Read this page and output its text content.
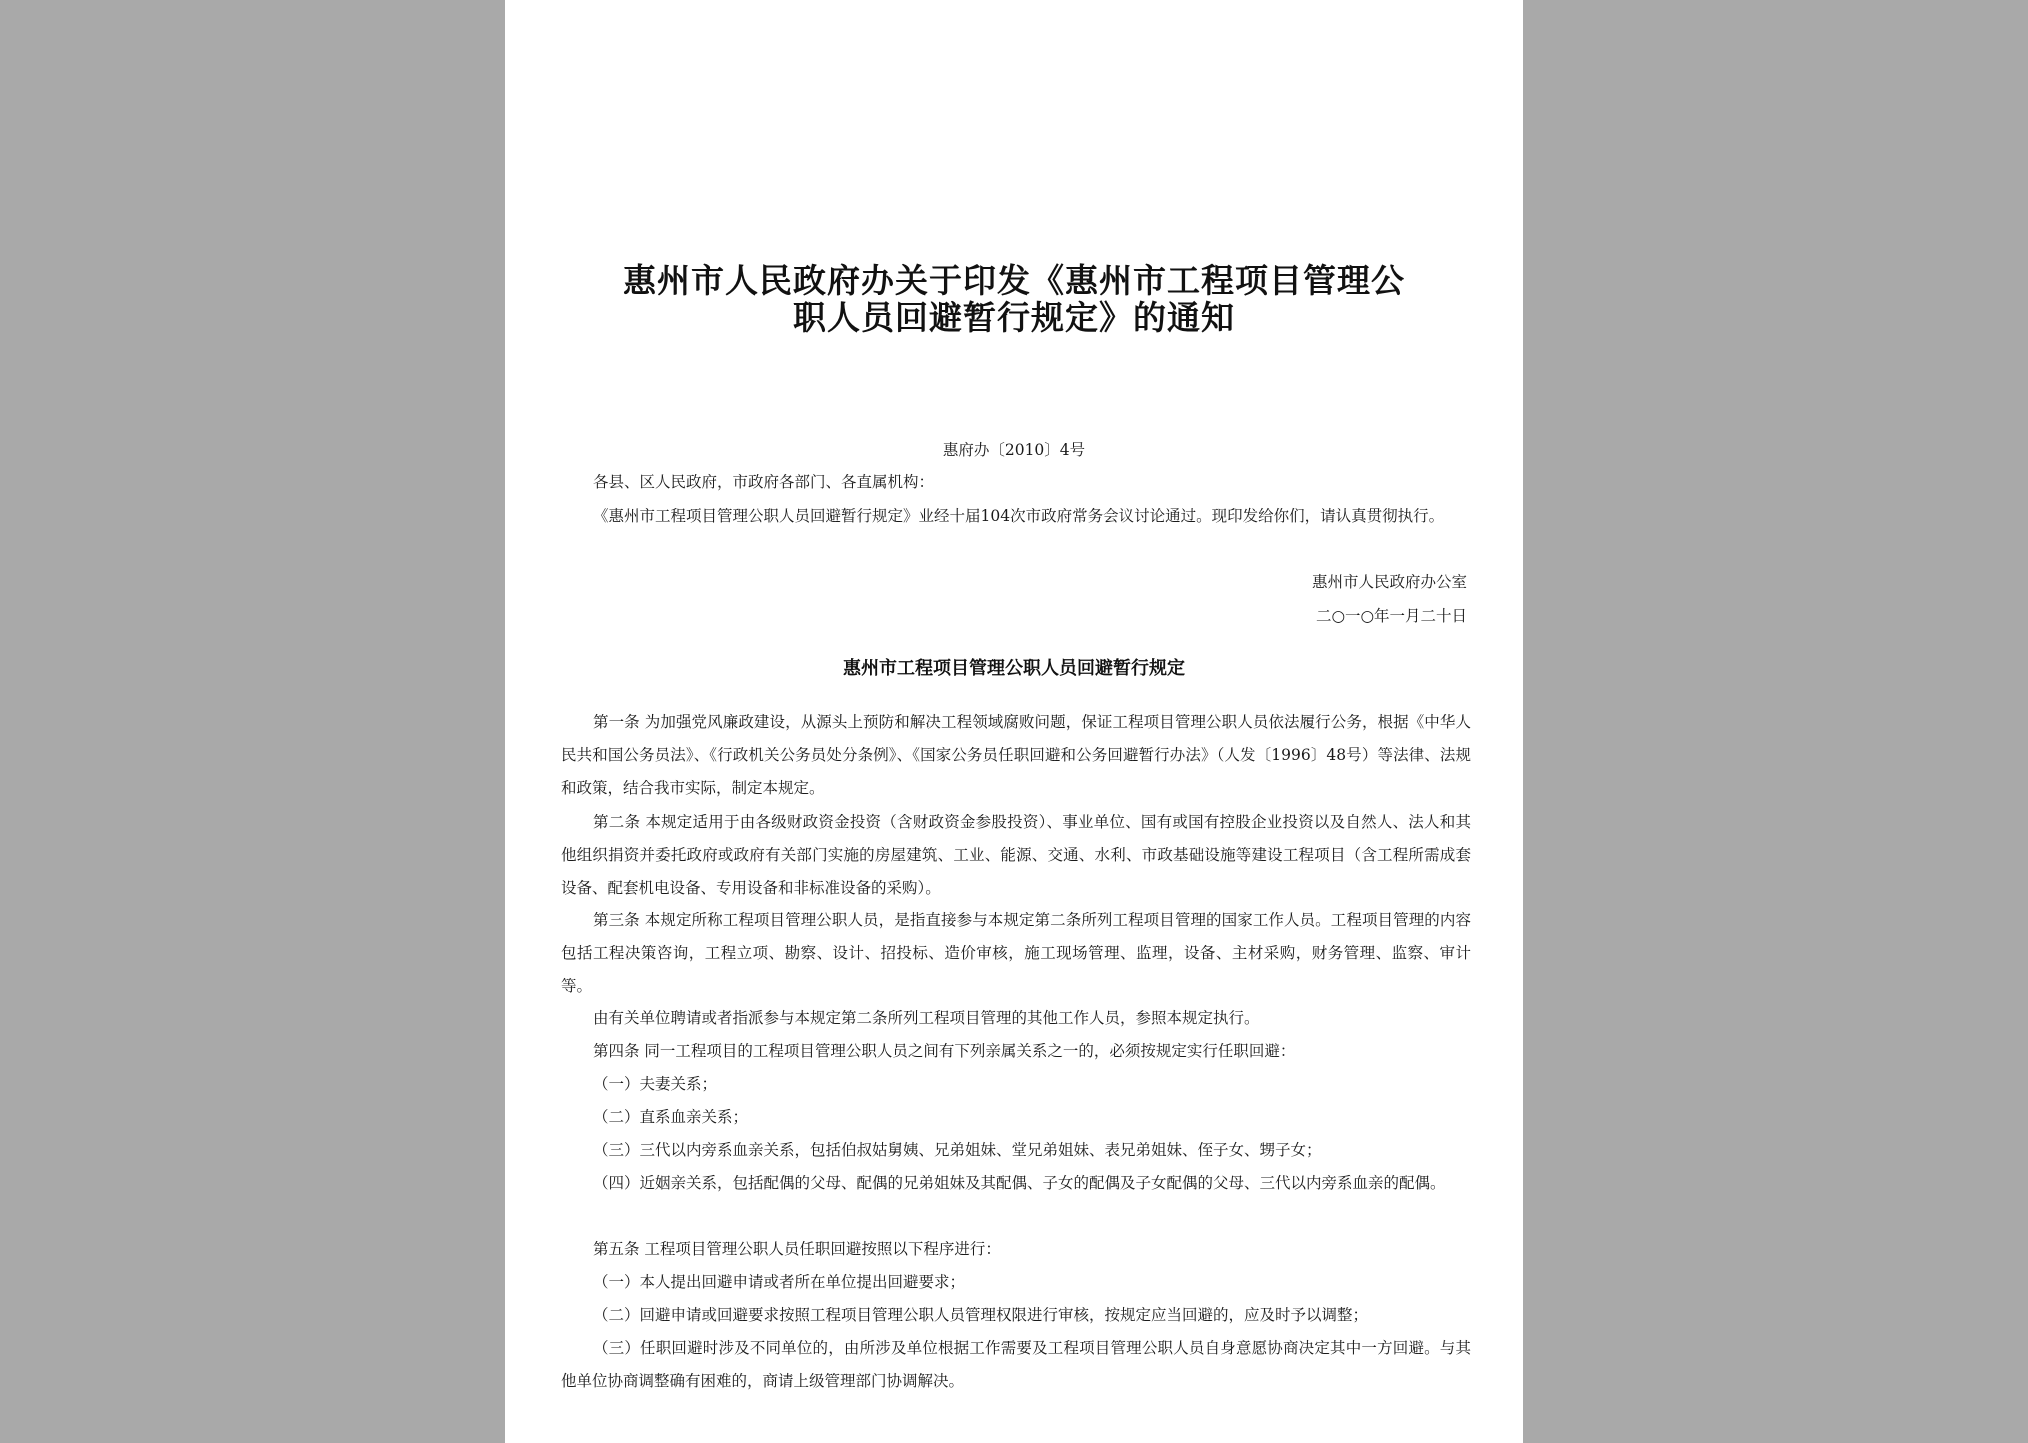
惠州市人民政府办关于印发《惠州市工程项目管理公
职人员回避暂行规定》的通知
惠府办〔2010〕4号
各县、区人民政府，市政府各部门、各直属机构：
《惠州市工程项目管理公职人员回避暂行规定》业经十届104次市政府常务会议讨论通过。现印发给你们，请认真贯彻执行。
惠州市人民政府办公室
二○一○年一月二十日
惠州市工程项目管理公职人员回避暂行规定
第一条 为加强党风廉政建设，从源头上预防和解决工程领域腐败问题，保证工程项目管理公职人员依法履行公务，根据《中华人民共和国公务员法》、《行政机关公务员处分条例》、《国家公务员任职回避和公务回避暂行办法》（人发〔1996〕48号）等法律、法规和政策，结合我市实际，制定本规定。
第二条 本规定适用于由各级财政资金投资（含财政资金参股投资）、事业单位、国有或国有控股企业投资以及自然人、法人和其他组织捐资并委托政府或政府有关部门实施的房屋建筑、工业、能源、交通、水利、市政基础设施等建设工程项目（含工程所需成套设备、配套机电设备、专用设备和非标准设备的采购）。
第三条 本规定所称工程项目管理公职人员，是指直接参与本规定第二条所列工程项目管理的国家工作人员。工程项目管理的内容包括工程决策咨询，工程立项、勘察、设计、招投标、造价审核，施工现场管理、监理，设备、主材采购，财务管理、监察、审计等。
由有关单位聘请或者指派参与本规定第二条所列工程项目管理的其他工作人员，参照本规定执行。
第四条 同一工程项目的工程项目管理公职人员之间有下列亲属关系之一的，必须按规定实行任职回避：
（一）夫妻关系；
（二）直系血亲关系；
（三）三代以内旁系血亲关系，包括伯叔姑舅姨、兄弟姐妹、堂兄弟姐妹、表兄弟姐妹、侄子女、甥子女；
（四）近姻亲关系，包括配偶的父母、配偶的兄弟姐妹及其配偶、子女的配偶及子女配偶的父母、三代以内旁系血亲的配偶。
第五条 工程项目管理公职人员任职回避按照以下程序进行：
（一）本人提出回避申请或者所在单位提出回避要求；
（二）回避申请或回避要求按照工程项目管理公职人员管理权限进行审核，按规定应当回避的，应及时予以调整；
（三）任职回避时涉及不同单位的，由所涉及单位根据工作需要及工程项目管理公职人员自身意愿协商决定其中一方回避。与其他单位协商调整确有困难的，商请上级管理部门协调解决。
